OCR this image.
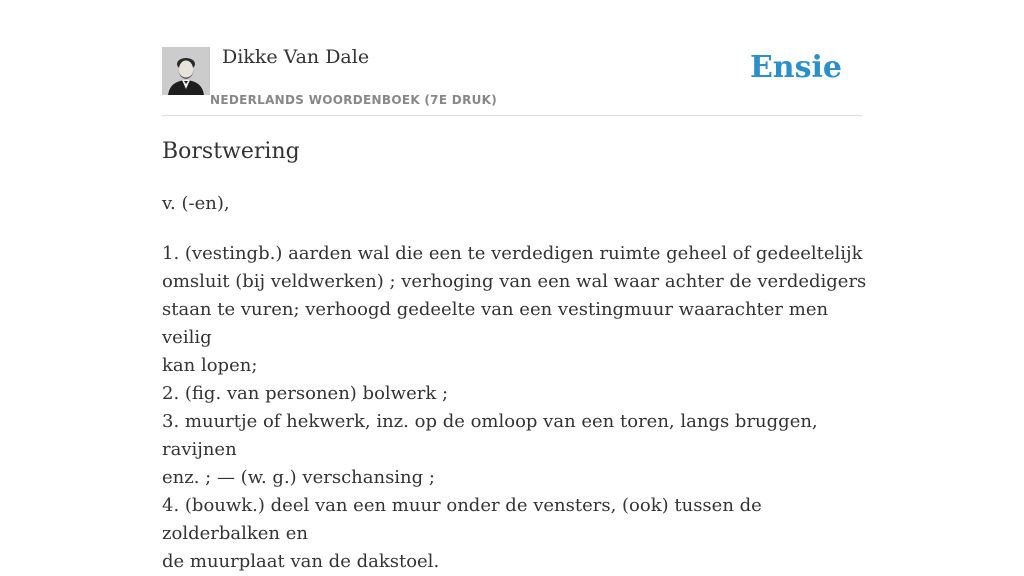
Dikke Van Dale
NEDERLANDS WOORDENBOEK (7E DRUK)
Ensie
Borstwering
v. (-en),
1. (vestingb.) aarden wal die een te verdedigen ruimte geheel of gedeeltelijk
omsluit (bij veldwerken) ; verhoging van een wal waar achter de verdedigers
staan te vuren; verhoogd gedeelte van een vestingmuur waarachter men veilig
kan lopen;
2. (fig. van personen) bolwerk ;
3. muurtje of hekwerk, inz. op de omloop van een toren, langs bruggen, ravijnen
enz. ; — (w. g.) verschansing ;
4. (bouwk.) deel van een muur onder de vensters, (ook) tussen de zolderbalken en
de muurplaat van de dakstoel.
